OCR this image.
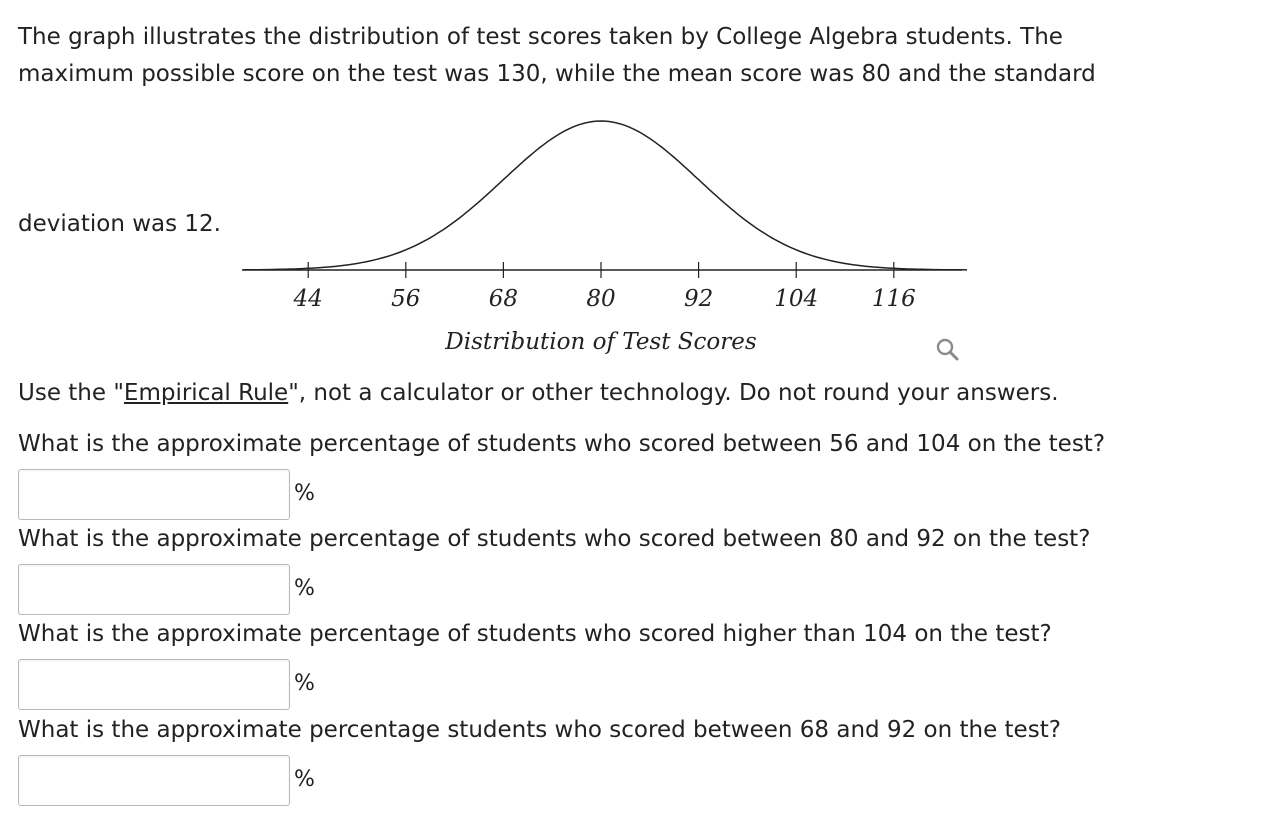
The graph illustrates the distribution of test scores taken by College Algebra students. The
maximum possible score on the test was 130, while the mean score was 80 and the standard
deviation was 12.
44	56	68	80	92	104 116
Distribution of Test Scores
Use the "Empirical Rule", not a calculator or other technology. Do not round your answers.
What is the approximate percentage of students who scored between 56 and 104 on the test?
%
What is the approximate percentage of students who scored between 80 and 92 on the test?
%
What is the approximate percentage of students who scored higher than 104 on the test?
%
What is the approximate percentage students who scored between 68 and 92 on the test?
%
